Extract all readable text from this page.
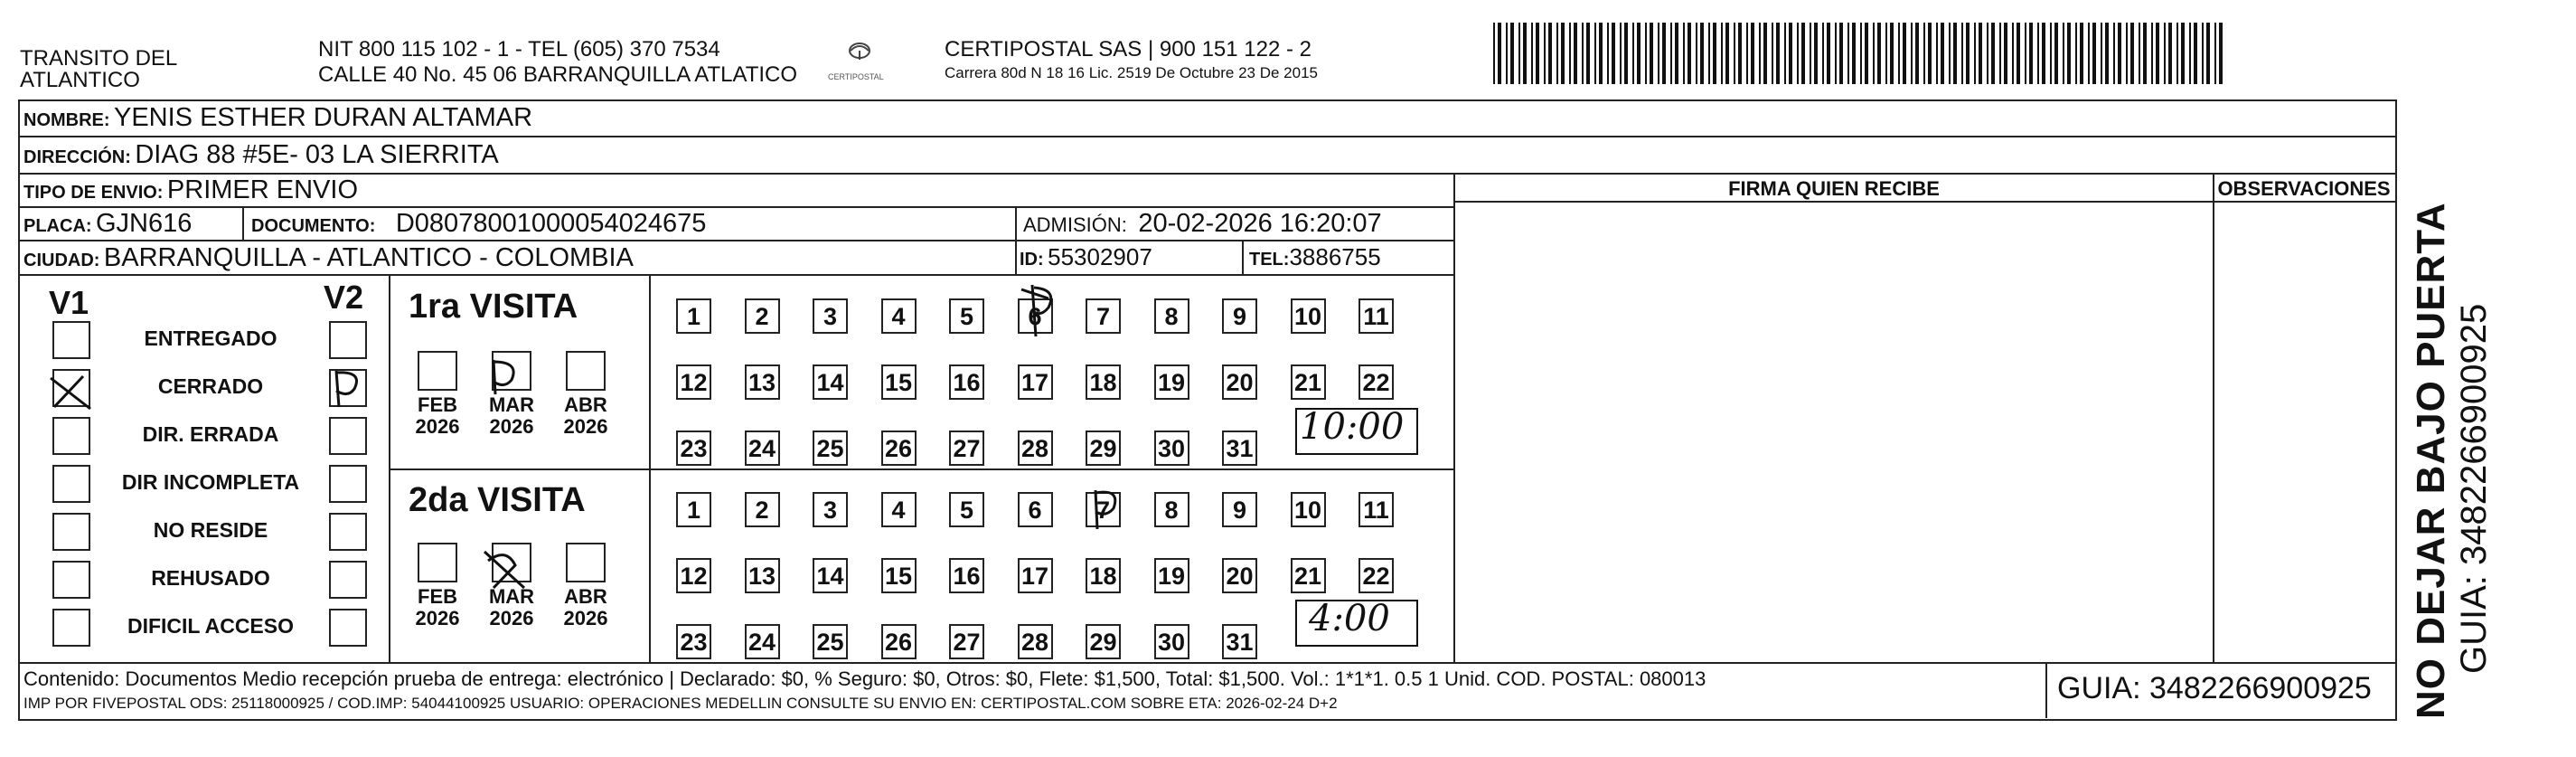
TRANSITO DEL
ATLANTICO
NIT 800 115 102 - 1 - TEL (605) 370 7534
CALLE 40 No. 45 06 BARRANQUILLA ATLATICO	CERTIPOSTAL
CERTIPOSTAL SAS | 900 151 122 - 2
Carrera 80d N 18 16 Lic. 2519 De Octubre 23 De 2015
NOMBRE: YENIS ESTHER DURAN ALTAMAR
DIRECCIÓN: DIAG 88 #5E- 03 LA SIERRITA
TIPO DE ENVIO: PRIMER ENVIO
PLACA: GJN616	DOCUMENTO: D0807800100005402467​5	ADMISIÓN: 20-02-2026 16:20:07
CIUDAD: BARRANQUILLA - ATLANTICO - COLOMBIA	ID: 55302907	TEL:3886755
FIRMA QUIEN RECIBE	OBSERVACIONES
V1	V2
ENTREGADO
CERRADO
DIR. ERRADA
DIR INCOMPLETA
NO RESIDE
REHUSADO
DIFICIL ACCESO
1ra VISITA
2da VISITA
FEB
2026
MAR
2026
ABR
2026
FEB
2026
MAR
2026
ABR
2026
1	2	3	4	5	6	7	8	9	10 11
12 13 14 15 16 17 18 19 20 21 22
23 24 25 26 27 28 29 30 31
1	2	3	4	5	6	7	8	9	10 11
12 13 14 15 16 17 18 19 20 21 22
23 24 25 26 27 28 29 30 31
10:00
4:00
Contenido: Documentos Medio recepción prueba de entrega: electrónico | Declarado: $0, % Seguro: $0, Otros: $0, Flete: $1,500, Total: $1,500. Vol.: 1*1*1. 0.5 1 Unid. COD. POSTAL: 080013
IMP POR FIVEPOSTAL ODS: 25118000925 / COD.IMP: 54044100925 USUARIO: OPERACIONES MEDELLIN CONSULTE SU ENVIO EN: CERTIPOSTAL.COM SOBRE ETA: 2026-02-24 D+2	GUIA: 3482266900925 NO DEJAR BAJO PUERTA GUIA: 3482266900925
